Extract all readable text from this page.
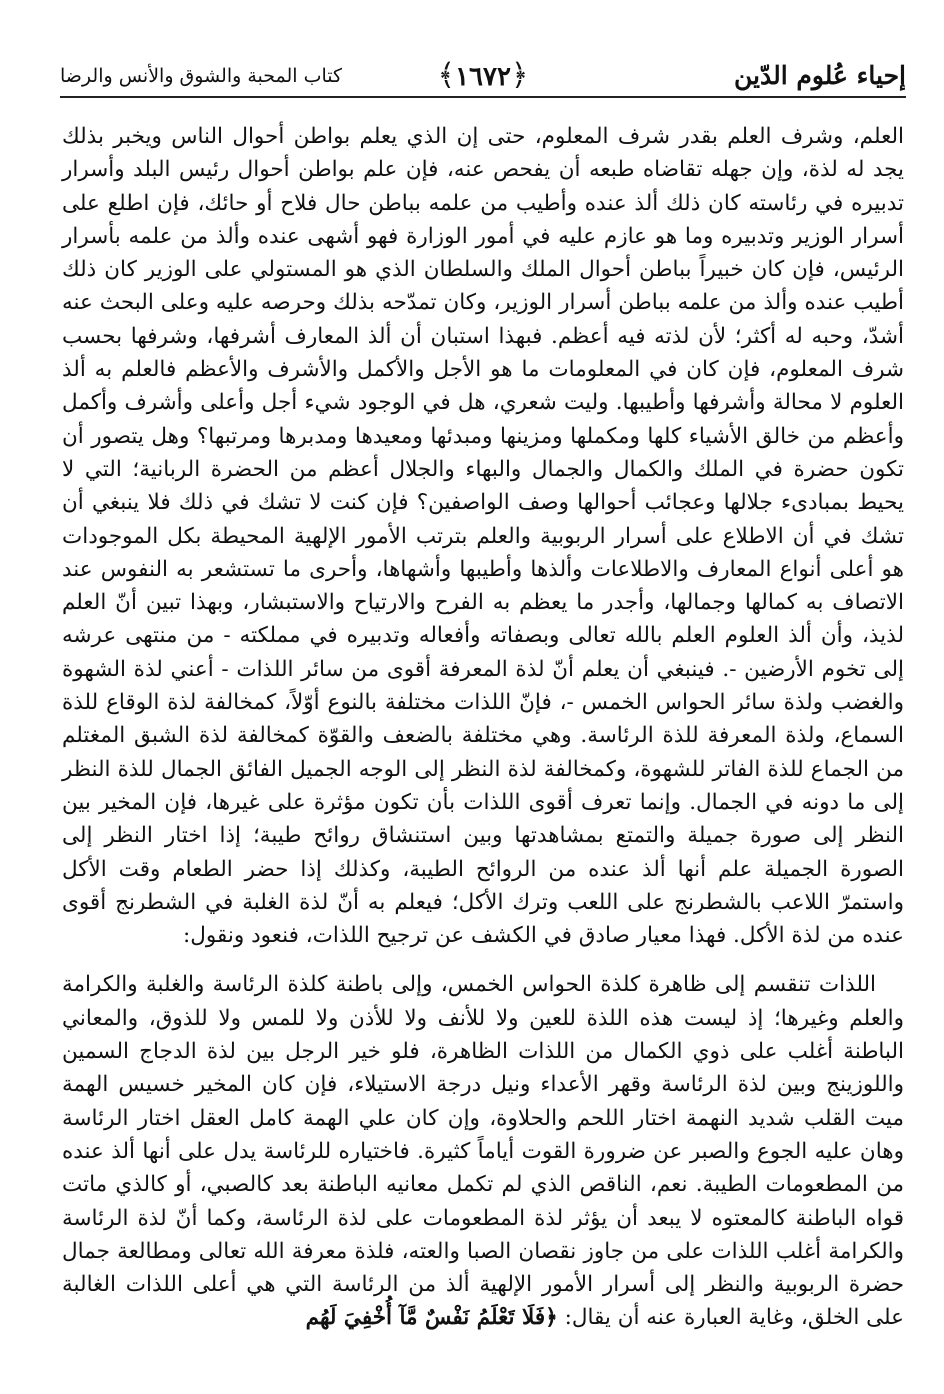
إحياء عُلوم الدّين
﴿١٦٧٢﴾
كتاب المحبة والشوق والأنس والرضا

العلم، وشرف العلم بقدر شرف المعلوم، حتى إن الذي يعلم بواطن أحوال الناس ويخبر بذلك يجد له لذة، وإن جهله تقاضاه طبعه أن يفحص عنه، فإن علم بواطن أحوال رئيس البلد وأسرار تدبيره في رئاسته كان ذلك ألذ عنده وأطيب من علمه بباطن حال فلاح أو حائك، فإن اطلع على أسرار الوزير وتدبيره وما هو عازم عليه في أمور الوزارة فهو أشهى عنده وألذ من علمه بأسرار الرئيس، فإن كان خبيراً بباطن أحوال الملك والسلطان الذي هو المستولي على الوزير كان ذلك أطيب عنده وألذ من علمه بباطن أسرار الوزير، وكان تمدّحه بذلك وحرصه عليه وعلى البحث عنه أشدّ، وحبه له أكثر؛ لأن لذته فيه أعظم. فبهذا استبان أن ألذ المعارف أشرفها، وشرفها بحسب شرف المعلوم، فإن كان في المعلومات ما هو الأجل والأكمل والأشرف والأعظم فالعلم به ألذ العلوم لا محالة وأشرفها وأطيبها. وليت شعري، هل في الوجود شيء أجل وأعلى وأشرف وأكمل وأعظم من خالق الأشياء كلها ومكملها ومزينها ومبدئها ومعيدها ومدبرها ومرتبها؟ وهل يتصور أن تكون حضرة في الملك والكمال والجمال والبهاء والجلال أعظم من الحضرة الربانية؛ التي لا يحيط بمبادىء جلالها وعجائب أحوالها وصف الواصفين؟ فإن كنت لا تشك في ذلك فلا ينبغي أن تشك في أن الاطلاع على أسرار الربوبية والعلم بترتب الأمور الإلهية المحيطة بكل الموجودات هو أعلى أنواع المعارف والاطلاعات وألذها وأطيبها وأشهاها، وأحرى ما تستشعر به النفوس عند الاتصاف به كمالها وجمالها، وأجدر ما يعظم به الفرح والارتياح والاستبشار، وبهذا تبين أنّ العلم لذيذ، وأن ألذ العلوم العلم بالله تعالى وبصفاته وأفعاله وتدبيره في مملكته - من منتهى عرشه إلى تخوم الأرضين -. فينبغي أن يعلم أنّ لذة المعرفة أقوى من سائر اللذات - أعني لذة الشهوة والغضب ولذة سائر الحواس الخمس -، فإنّ اللذات مختلفة بالنوع أوّلاً، كمخالفة لذة الوقاع للذة السماع، ولذة المعرفة للذة الرئاسة. وهي مختلفة بالضعف والقوّة كمخالفة لذة الشبق المغتلم من الجماع للذة الفاتر للشهوة، وكمخالفة لذة النظر إلى الوجه الجميل الفائق الجمال للذة النظر إلى ما دونه في الجمال. وإنما تعرف أقوى اللذات بأن تكون مؤثرة على غيرها، فإن المخير بين النظر إلى صورة جميلة والتمتع بمشاهدتها وبين استنشاق روائح طيبة؛ إذا اختار النظر إلى الصورة الجميلة علم أنها ألذ عنده من الروائح الطيبة، وكذلك إذا حضر الطعام وقت الأكل واستمرّ اللاعب بالشطرنج على اللعب وترك الأكل؛ فيعلم به أنّ لذة الغلبة في الشطرنج أقوى عنده من لذة الأكل. فهذا معيار صادق في الكشف عن ترجيح اللذات، فنعود ونقول:

اللذات تنقسم إلى ظاهرة كلذة الحواس الخمس، وإلى باطنة كلذة الرئاسة والغلبة والكرامة والعلم وغيرها؛ إذ ليست هذه اللذة للعين ولا للأنف ولا للأذن ولا للمس ولا للذوق، والمعاني الباطنة أغلب على ذوي الكمال من اللذات الظاهرة، فلو خير الرجل بين لذة الدجاج السمين واللوزينج وبين لذة الرئاسة وقهر الأعداء ونيل درجة الاستيلاء، فإن كان المخير خسيس الهمة ميت القلب شديد النهمة اختار اللحم والحلاوة، وإن كان علي الهمة كامل العقل اختار الرئاسة وهان عليه الجوع والصبر عن ضرورة القوت أياماً كثيرة. فاختياره للرئاسة يدل على أنها ألذ عنده من المطعومات الطيبة. نعم، الناقص الذي لم تكمل معانيه الباطنة بعد كالصبي، أو كالذي ماتت قواه الباطنة كالمعتوه لا يبعد أن يؤثر لذة المطعومات على لذة الرئاسة، وكما أنّ لذة الرئاسة والكرامة أغلب اللذات على من جاوز نقصان الصبا والعته، فلذة معرفة الله تعالى ومطالعة جمال حضرة الربوبية والنظر إلى أسرار الأمور الإلهية ألذ من الرئاسة التي هي أعلى اللذات الغالبة على الخلق، وغاية العبارة عنه أن يقال: ﴿فَلَا تَعْلَمُ نَفْسٌ مَّآ أُخْفِيَ لَهُم
